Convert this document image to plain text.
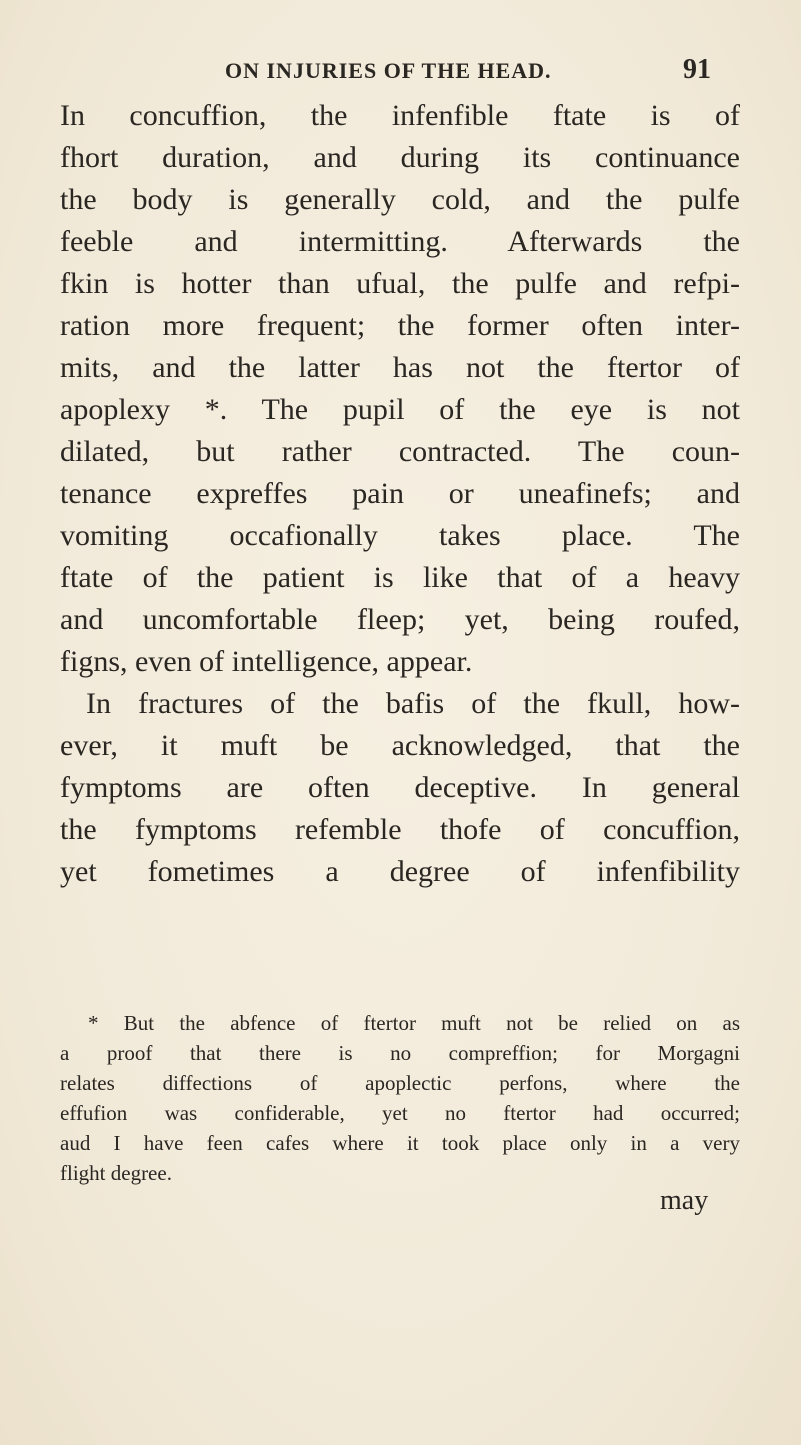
ON INJURIES OF THE HEAD.	91
In concuffion, the infenfible ftate is of
fhort duration, and during its continuance
the body is generally cold, and the pulfe
feeble and intermitting. Afterwards the
fkin is hotter than ufual, the pulfe and refpi-
ration more frequent; the former often inter-
mits, and the latter has not the ftertor of
apoplexy *. The pupil of the eye is not
dilated, but rather contracted. The coun-
tenance expreffes pain or uneafinefs; and
vomiting occafionally takes place. The
ftate of the patient is like that of a heavy
and uncomfortable fleep; yet, being roufed,
figns, even of intelligence, appear.
In fractures of the bafis of the fkull, how-
ever, it muft be acknowledged, that the
fymptoms are often deceptive. In general
the fymptoms refemble thofe of concuffion,
yet fometimes a degree of infenfibility
* But the abfence of ftertor muft not be relied on as
a proof that there is no compreffion; for Morgagni
relates diffections of apoplectic perfons, where the
effufion was confiderable, yet no ftertor had occurred;
aud I have feen cafes where it took place only in a very
flight degree.
may
